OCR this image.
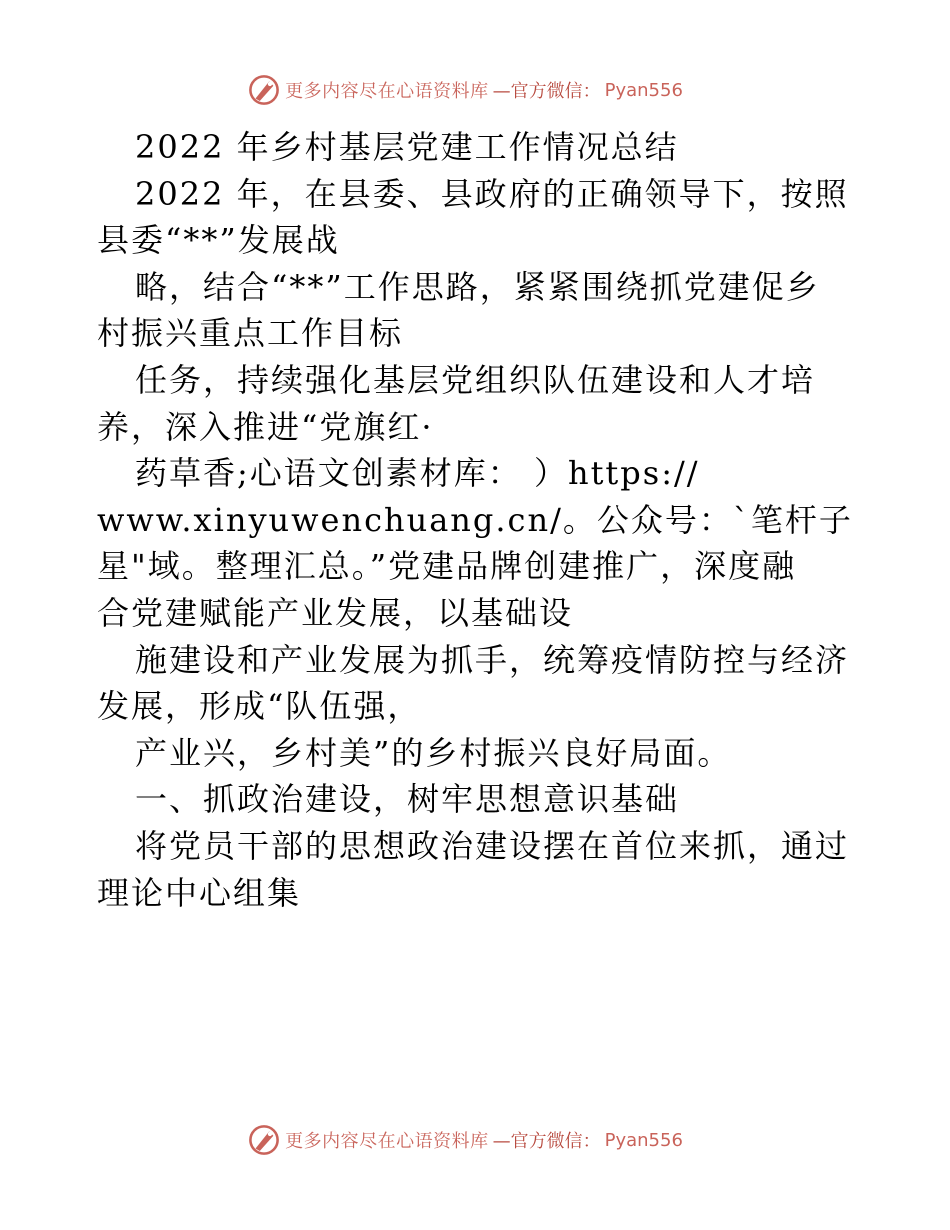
更多内容尽在心语资料库 —官方微信： Pyan556
2022 年乡村基层党建工作情况总结
2022 年，在县委、县政府的正确领导下，按照
县委“**”发展战
略，结合“**”工作思路，紧紧围绕抓党建促乡
村振兴重点工作目标
任务，持续强化基层党组织队伍建设和人才培
养，深入推进“党旗红·
药草香;心语文创素材库： ）https://
www.xinyuwenchuang.cn/。公众号：`笔杆子
星"域。整理汇总。”党建品牌创建推广，深度融
合党建赋能产业发展，以基础设
施建设和产业发展为抓手，统筹疫情防控与经济
发展，形成“队伍强，
产业兴，乡村美”的乡村振兴良好局面。
一、抓政治建设，树牢思想意识基础
将党员干部的思想政治建设摆在首位来抓，通过
理论中心组集
更多内容尽在心语资料库 —官方微信： Pyan556
